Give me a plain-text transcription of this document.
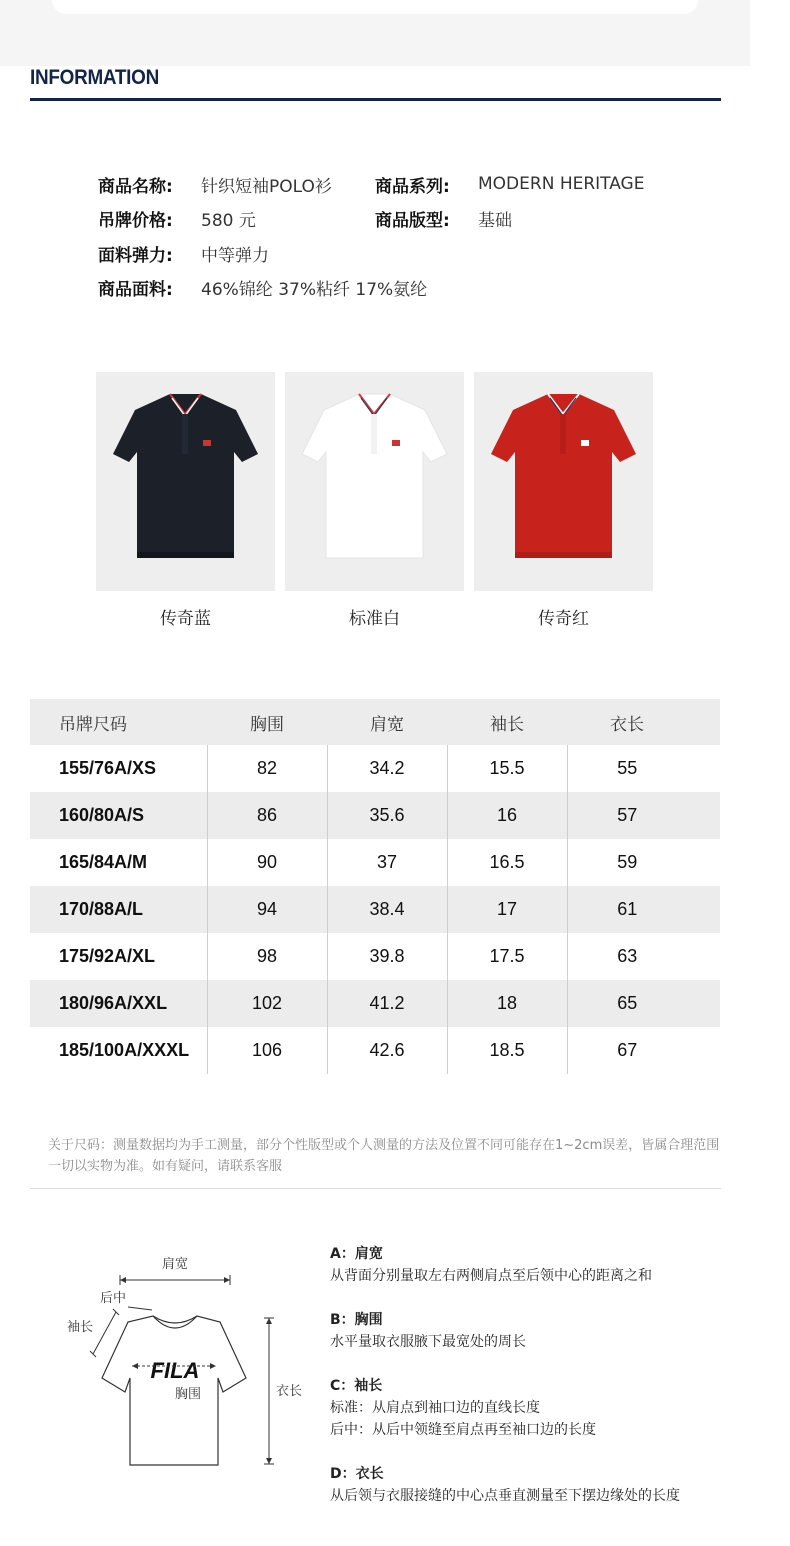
INFORMATION
商品名称:	针织短袖POLO衫	商品系列:	MODERN HERITAGE
吊牌价格:	580 元	商品版型:	基础
面料弹力:	中等弹力
商品面料:	46%锦纶 37%粘纤 17%氨纶
传奇蓝	标准白	传奇红
吊牌尺码	胸围	肩宽	袖长	衣长
155/76A/XS	82	34.2	15.5	55
160/80A/S	86	35.6	16	57
165/84A/M	90	37	16.5	59
170/88A/L	94	38.4	17	61
175/92A/XL	98	39.8	17.5	63
180/96A/XXL	102	41.2	18	65
185/100A/XXXL	106	42.6	18.5	67
关于尺码：测量数据均为手工测量，部分个性版型或个人测量的方法及位置不同可能存在1~2cm误差，皆属合理范围一切以实物为准。如有疑问，请联系客服
肩宽
后中
袖长
FILA
胸围	衣长
A：肩宽
从背面分别量取左右两侧肩点至后领中心的距离之和
B：胸围
水平量取衣服腋下最宽处的周长
C：袖长
标准：从肩点到袖口边的直线长度
后中：从后中领缝至肩点再至袖口边的长度
D：衣长
从后领与衣服接缝的中心点垂直测量至下摆边缘处的长度
